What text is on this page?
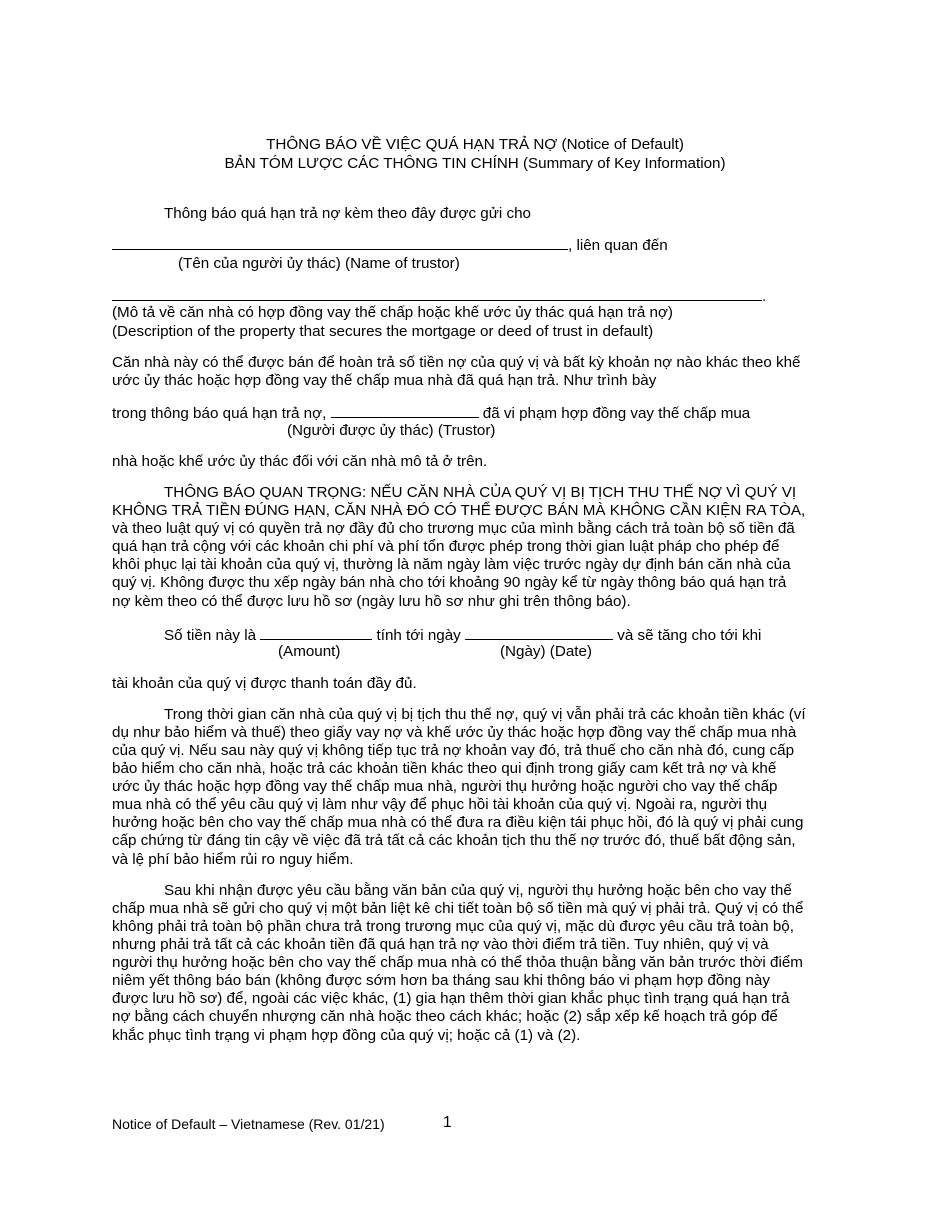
THÔNG BÁO VỀ VIỆC QUÁ HẠN TRẢ NỢ (Notice of Default)
BẢN TÓM LƯỢC CÁC THÔNG TIN CHÍNH (Summary of Key Information)
Thông báo quá hạn trả nợ kèm theo đây được gửi cho
, liên quan đến
(Tên của người ủy thác) (Name of trustor)
.
(Mô tả về căn nhà có hợp đồng vay thế chấp hoặc khế ước ủy thác quá hạn trả nợ)
(Description of the property that secures the mortgage or deed of trust in default)
Căn nhà này có thể được bán để hoàn trả số tiền nợ của quý vị và bất kỳ khoản nợ nào khác theo khế
ước ủy thác hoặc hợp đồng vay thế chấp mua nhà đã quá hạn trả. Như trình bày
trong thông báo quá hạn trả nợ,	đã vi phạm hợp đồng vay thế chấp mua
(Người được ủy thác) (Trustor)
nhà hoặc khế ước ủy thác đối với căn nhà mô tả ở trên.
THÔNG BÁO QUAN TRỌNG: NẾU CĂN NHÀ CỦA QUÝ VỊ BỊ TỊCH THU THẾ NỢ VÌ QUÝ VỊ
KHÔNG TRẢ TIỀN ĐÚNG HẠN, CĂN NHÀ ĐÓ CÓ THỂ ĐƯỢC BÁN MÀ KHÔNG CẦN KIỆN RA TÒA,
và theo luật quý vị có quyền trả nợ đầy đủ cho trương mục của mình bằng cách trả toàn bộ số tiền đã
quá hạn trả cộng với các khoản chi phí và phí tổn được phép trong thời gian luật pháp cho phép để
khôi phục lại tài khoản của quý vị, thường là năm ngày làm việc trước ngày dự định bán căn nhà của
quý vị. Không được thu xếp ngày bán nhà cho tới khoảng 90 ngày kể từ ngày thông báo quá hạn trả
nợ kèm theo có thể được lưu hồ sơ (ngày lưu hồ sơ như ghi trên thông báo).
Số tiền này là	tính tới ngày	và sẽ tăng cho tới khi
(Amount)	(Ngày) (Date)
tài khoản của quý vị được thanh toán đầy đủ.
Trong thời gian căn nhà của quý vị bị tịch thu thế nợ, quý vị vẫn phải trả các khoản tiền khác (ví
dụ như bảo hiểm và thuế) theo giấy vay nợ và khế ước ủy thác hoặc hợp đồng vay thế chấp mua nhà
của quý vị. Nếu sau này quý vị không tiếp tục trả nợ khoản vay đó, trả thuế cho căn nhà đó, cung cấp
bảo hiểm cho căn nhà, hoặc trả các khoản tiền khác theo qui định trong giấy cam kết trả nợ và khế
ước ủy thác hoặc hợp đồng vay thế chấp mua nhà, người thụ hưởng hoặc người cho vay thế chấp
mua nhà có thể yêu cầu quý vị làm như vậy để phục hồi tài khoản của quý vị. Ngoài ra, người thụ
hưởng hoặc bên cho vay thế chấp mua nhà có thể đưa ra điều kiện tái phục hồi, đó là quý vị phải cung
cấp chứng từ đáng tin cậy về việc đã trả tất cả các khoản tịch thu thế nợ trước đó, thuế bất động sản,
và lệ phí bảo hiểm rủi ro nguy hiểm.
Sau khi nhận được yêu cầu bằng văn bản của quý vị, người thụ hưởng hoặc bên cho vay thế
chấp mua nhà sẽ gửi cho quý vị một bản liệt kê chi tiết toàn bộ số tiền mà quý vị phải trả. Quý vị có thể
không phải trả toàn bộ phần chưa trả trong trương mục của quý vị, mặc dù được yêu cầu trả toàn bộ,
nhưng phải trả tất cả các khoản tiền đã quá hạn trả nợ vào thời điểm trả tiền. Tuy nhiên, quý vị và
người thụ hưởng hoặc bên cho vay thế chấp mua nhà có thể thỏa thuận bằng văn bản trước thời điểm
niêm yết thông báo bán (không được sớm hơn ba tháng sau khi thông báo vi phạm hợp đồng này
được lưu hồ sơ) để, ngoài các việc khác, (1) gia hạn thêm thời gian khắc phục tình trạng quá hạn trả
nợ bằng cách chuyển nhượng căn nhà hoặc theo cách khác; hoặc (2) sắp xếp kế hoạch trả góp để
khắc phục tình trạng vi phạm hợp đồng của quý vị; hoặc cả (1) và (2).
Notice of Default – Vietnamese (Rev. 01/21)	1
